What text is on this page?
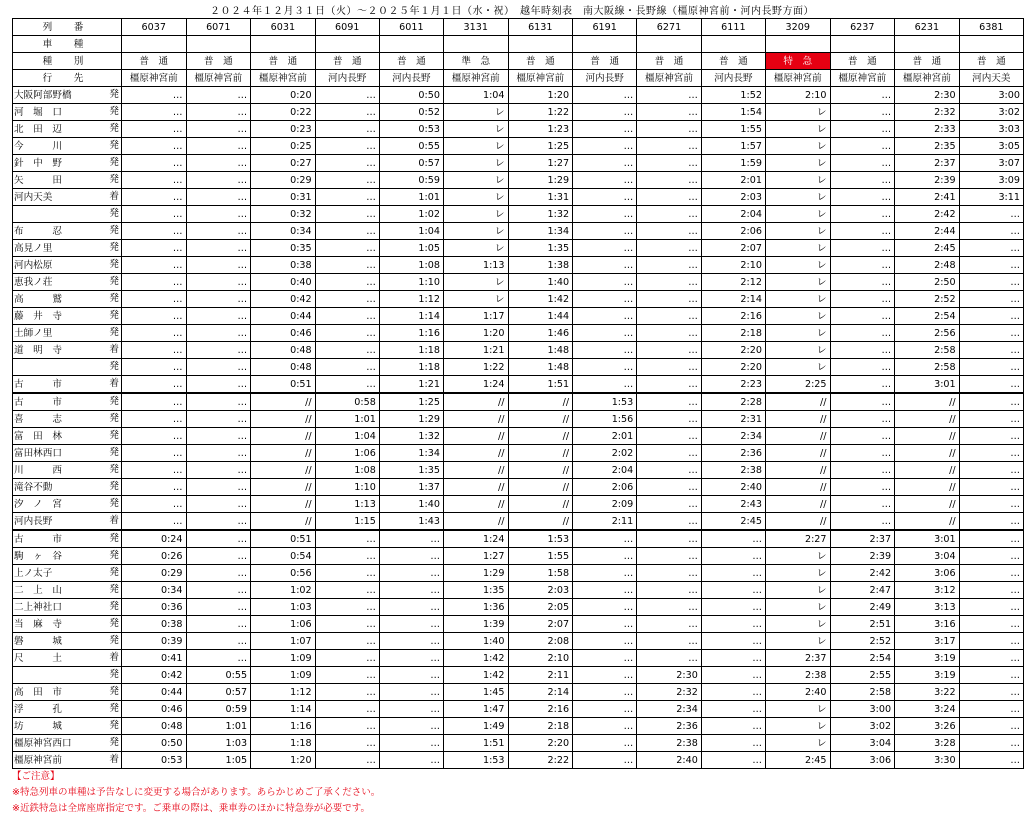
２０２４年１２月３１日（火）～２０２５年１月１日（水・祝）　越年時刻表　南大阪線・長野線（橿原神宮前・河内長野方面）
列　番	6037	6071	6031	6091	6011	3131	6131	6191	6271	6111	3209	6237	6231	6381
車　種														
種　別	普　通	普　通	普　通	普　通	普　通	準　急	普　通	普　通	普　通	普　通	特　急	普　通	普　通	普　通
行　先	橿原神宮前	橿原神宮前	橿原神宮前	河内長野	河内長野	橿原神宮前	橿原神宮前	河内長野	橿原神宮前	河内長野	橿原神宮前	橿原神宮前	橿原神宮前	河内天美
大阪阿部野橋 発	…	…	0:20	…	0:50	1:04	1:20	…	…	1:52	2:10	…	2:30	3:00
河　堀　口 発	…	…	0:22	…	0:52	レ	1:22	…	…	1:54	レ	…	2:32	3:02
北　田　辺 発	…	…	0:23	…	0:53	レ	1:23	…	…	1:55	レ	…	2:33	3:03
今　　　川 発	…	…	0:25	…	0:55	レ	1:25	…	…	1:57	レ	…	2:35	3:05
針　中　野 発	…	…	0:27	…	0:57	レ	1:27	…	…	1:59	レ	…	2:37	3:07
矢　　　田 発	…	…	0:29	…	0:59	レ	1:29	…	…	2:01	レ	…	2:39	3:09
河内天美 着	…	…	0:31	…	1:01	レ	1:31	…	…	2:03	レ	…	2:41	3:11

発	…	…	0:32	…	1:02	レ	1:32	…	…	2:04	レ	…	2:42	…
布　　　忍 発	…	…	0:34	…	1:04	レ	1:34	…	…	2:06	レ	…	2:44	…
高見ノ里 発	…	…	0:35	…	1:05	レ	1:35	…	…	2:07	レ	…	2:45	…
河内松原 発	…	…	0:38	…	1:08	1:13	1:38	…	…	2:10	レ	…	2:48	…
恵我ノ荘 発	…	…	0:40	…	1:10	レ	1:40	…	…	2:12	レ	…	2:50	…
高　　　鷲 発	…	…	0:42	…	1:12	レ	1:42	…	…	2:14	レ	…	2:52	…
藤　井　寺 発	…	…	0:44	…	1:14	1:17	1:44	…	…	2:16	レ	…	2:54	…
土師ノ里 発	…	…	0:46	…	1:16	1:20	1:46	…	…	2:18	レ	…	2:56	…
道　明　寺 着	…	…	0:48	…	1:18	1:21	1:48	…	…	2:20	レ	…	2:58	…

発	…	…	0:48	…	1:18	1:22	1:48	…	…	2:20	レ	…	2:58	…
古　　　市 着	…	…	0:51	…	1:21	1:24	1:51	…	…	2:23	2:25	…	3:01	…
古　　　市 発	…	…	//	0:58	1:25	//	//	1:53	…	2:28	//	…	//	…
喜　　　志 発	…	…	//	1:01	1:29	//	//	1:56	…	2:31	//	…	//	…
富　田　林 発	…	…	//	1:04	1:32	//	//	2:01	…	2:34	//	…	//	…
富田林西口 発	…	…	//	1:06	1:34	//	//	2:02	…	2:36	//	…	//	…
川　　　西 発	…	…	//	1:08	1:35	//	//	2:04	…	2:38	//	…	//	…
滝谷不動 発	…	…	//	1:10	1:37	//	//	2:06	…	2:40	//	…	//	…
汐　ノ　宮 発	…	…	//	1:13	1:40	//	//	2:09	…	2:43	//	…	//	…
河内長野 着	…	…	//	1:15	1:43	//	//	2:11	…	2:45	//	…	//	…
古　　　市 発	0:24	…	0:51	…	…	1:24	1:53	…	…	…	2:27	2:37	3:01	…
駒　ヶ　谷 発	0:26	…	0:54	…	…	1:27	1:55	…	…	…	レ	2:39	3:04	…
上ノ太子 発	0:29	…	0:56	…	…	1:29	1:58	…	…	…	レ	2:42	3:06	…
二　上　山 発	0:34	…	1:02	…	…	1:35	2:03	…	…	…	レ	2:47	3:12	…
二上神社口 発	0:36	…	1:03	…	…	1:36	2:05	…	…	…	レ	2:49	3:13	…
当　麻　寺 発	0:38	…	1:06	…	…	1:39	2:07	…	…	…	レ	2:51	3:16	…
磐　　　城 発	0:39	…	1:07	…	…	1:40	2:08	…	…	…	レ	2:52	3:17	…
尺　　　土 着	0:41	…	1:09	…	…	1:42	2:10	…	…	…	2:37	2:54	3:19	…

発	0:42	0:55	1:09	…	…	1:42	2:11	…	2:30	…	2:38	2:55	3:19	…
高　田　市 発	0:44	0:57	1:12	…	…	1:45	2:14	…	2:32	…	2:40	2:58	3:22	…
浮　　　孔 発	0:46	0:59	1:14	…	…	1:47	2:16	…	2:34	…	レ	3:00	3:24	…
坊　　　城 発	0:48	1:01	1:16	…	…	1:49	2:18	…	2:36	…	レ	3:02	3:26	…
橿原神宮西口 発	0:50	1:03	1:18	…	…	1:51	2:20	…	2:38	…	レ	3:04	3:28	…
橿原神宮前 着	0:53	1:05	1:20	…	…	1:53	2:22	…	2:40	…	2:45	3:06	3:30	…
【ご注意】
※特急列車の車種は予告なしに変更する場合があります。あらかじめご了承ください。
※近鉄特急は全席座席指定です。ご乗車の際は、乗車券のほかに特急券が必要です。
